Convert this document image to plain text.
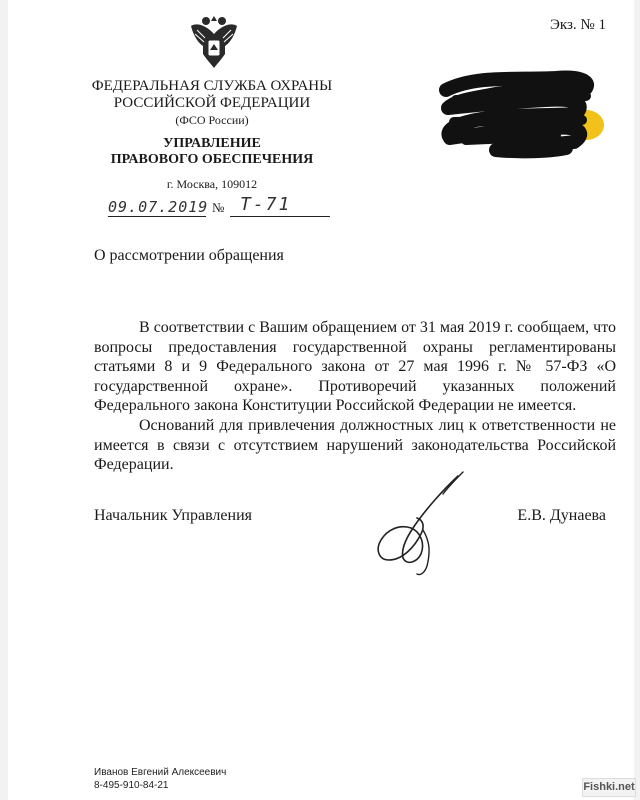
Экз. № 1
ФЕДЕРАЛЬНАЯ СЛУЖБА ОХРАНЫ
РОССИЙСКОЙ ФЕДЕРАЦИИ
(ФСО России)
УПРАВЛЕНИЕ
ПРАВОВОГО ОБЕСПЕЧЕНИЯ
г. Москва, 109012
09.07.2019 № Т-71
О рассмотрении обращения

В соответствии с Вашим обращением от 31 мая 2019 г. сообщаем, что вопросы предоставления государственной охраны регламентированы статьями 8 и 9 Федерального закона от 27 мая 1996 г. № 57-ФЗ «О государственной охране». Противоречий указанных положений Федерального закона Конституции Российской Федерации не имеется.

Оснований для привлечения должностных лиц к ответственности не имеется в связи с отсутствием нарушений законодательства Российской Федерации.

Начальник Управления	Е.В. Дунаева
Иванов Евгений Алексеевич
8-495-910-84-21	Fishki.net
